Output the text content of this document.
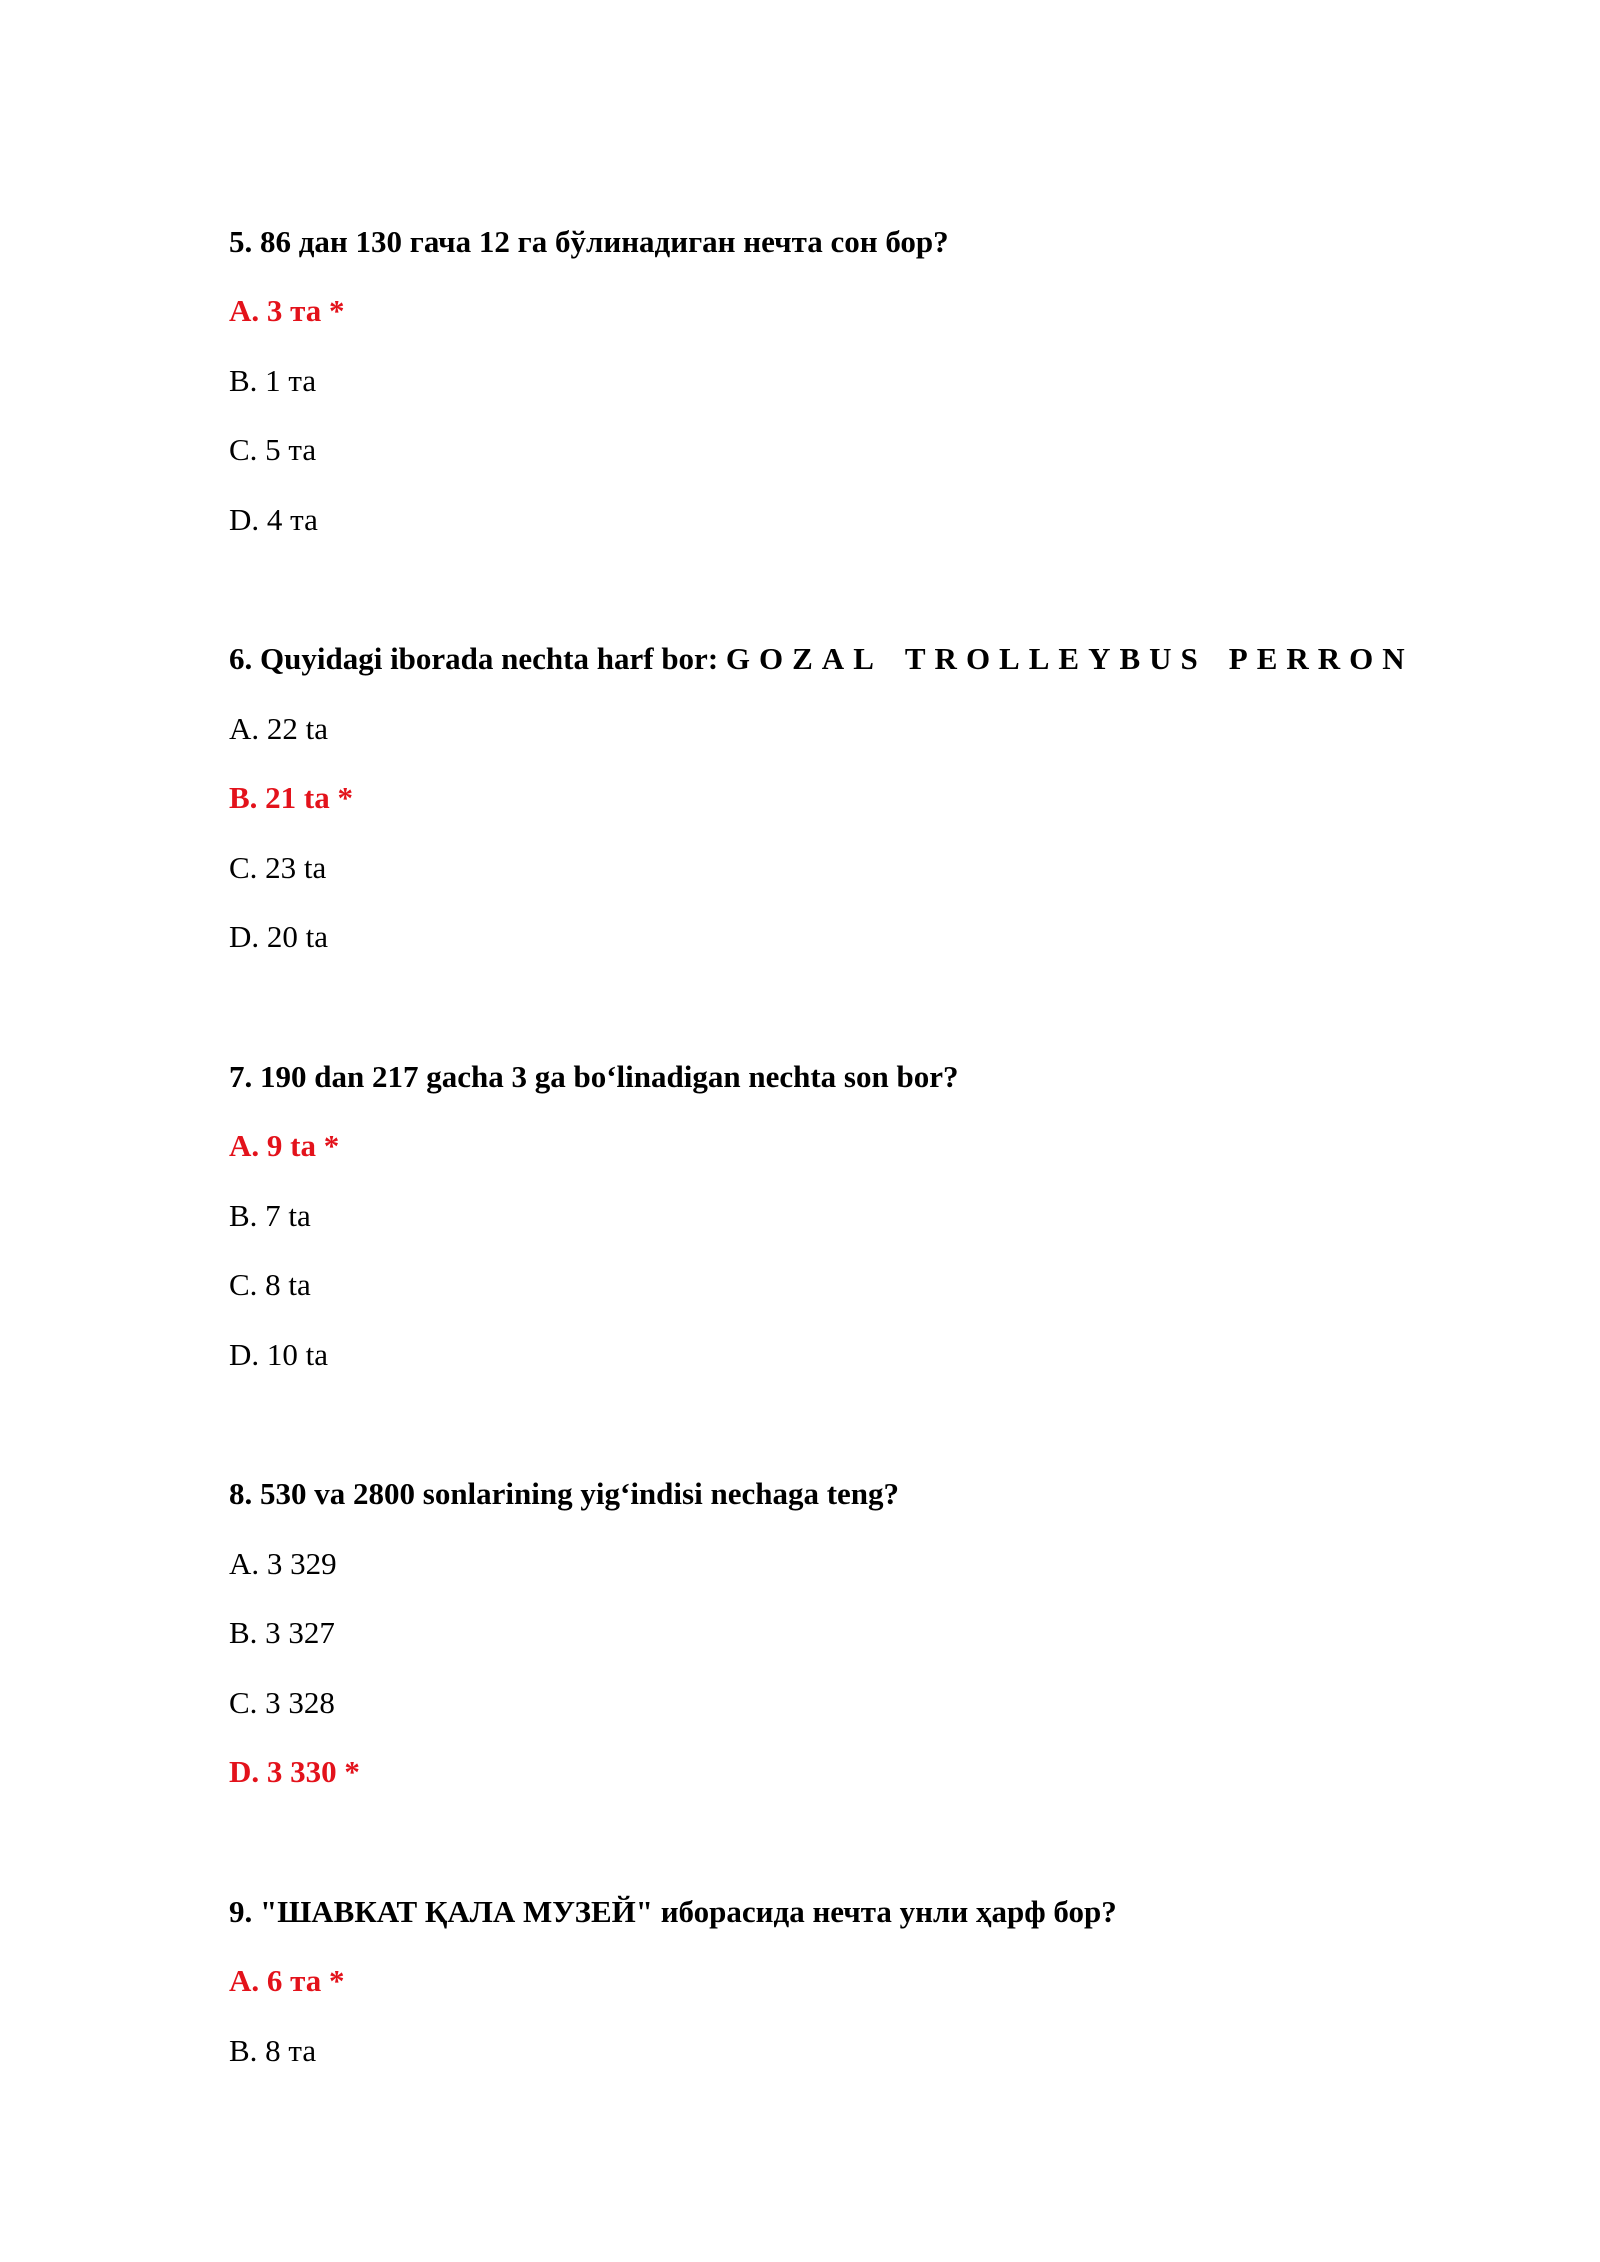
5. 86 дан 130 гача 12 га бўлинадиган нечта сон бор?
A. 3 та *
B. 1 та
C. 5 та
D. 4 та
6. Quyidagi iborada nechta harf bor: GOZAL TROLLEYBUS PERRON
A. 22 ta
B. 21 ta *
C. 23 ta
D. 20 ta
7. 190 dan 217 gacha 3 ga bo‘linadigan nechta son bor?
A. 9 ta *
B. 7 ta
C. 8 ta
D. 10 ta
8. 530 va 2800 sonlarining yig‘indisi nechaga teng?
A. 3 329
B. 3 327
C. 3 328
D. 3 330 *
9. "ШАВКАТ ҚАЛА МУЗЕЙ" иборасида нечта унли ҳарф бор?
A. 6 та *
B. 8 та
